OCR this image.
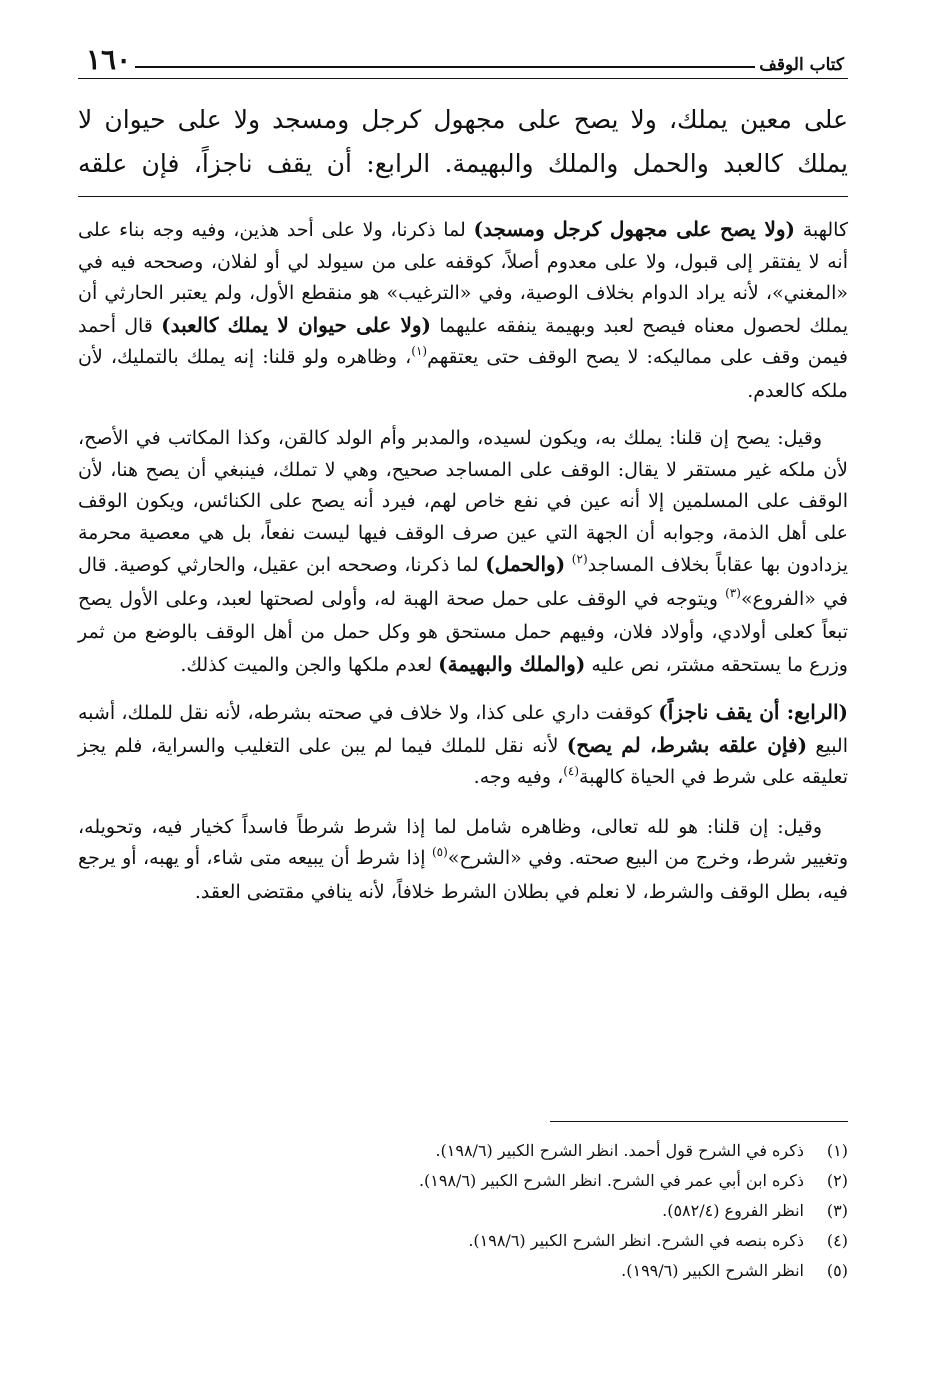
كتاب الوقف
١٦٠
على معين يملك، ولا يصح على مجهول كرجل ومسجد ولا على حيوان لا يملك كالعبد والحمل والملك والبهيمة. الرابع: أن يقف ناجزاً، فإن علقه

كالهبة (ولا يصح على مجهول كرجل ومسجد) لما ذكرنا، ولا على أحد هذين، وفيه وجه بناء على أنه لا يفتقر إلى قبول، ولا على معدوم أصلاً، كوقفه على من سيولد لي أو لفلان، وصححه فيه في «المغني»، لأنه يراد الدوام بخلاف الوصية، وفي «الترغيب» هو منقطع الأول، ولم يعتبر الحارثي أن يملك لحصول معناه فيصح لعبد وبهيمة ينفقه عليهما (ولا على حيوان لا يملك كالعبد) قال أحمد فيمن وقف على مماليكه: لا يصح الوقف حتى يعتقهم$^{(١)}$، وظاهره ولو قلنا: إنه يملك بالتمليك، لأن ملكه كالعدم.

وقيل: يصح إن قلنا: يملك به، ويكون لسيده، والمدبر وأم الولد كالقن، وكذا المكاتب في الأصح، لأن ملكه غير مستقر لا يقال: الوقف على المساجد صحيح، وهي لا تملك، فينبغي أن يصح هنا، لأن الوقف على المسلمين إلا أنه عين في نفع خاص لهم، فيرد أنه يصح على الكنائس، ويكون الوقف على أهل الذمة، وجوابه أن الجهة التي عين صرف الوقف فيها ليست نفعاً، بل هي معصية محرمة يزدادون بها عقاباً بخلاف المساجد$^{(٢)}$ (والحمل) لما ذكرنا، وصححه ابن عقيل، والحارثي كوصية. قال في «الفروع»$^{(٣)}$ ويتوجه في الوقف على حمل صحة الهبة له، وأولى لصحتها لعبد، وعلى الأول يصح تبعاً كعلى أولادي، وأولاد فلان، وفيهم حمل مستحق هو وكل حمل من أهل الوقف بالوضع من ثمر وزرع ما يستحقه مشتر، نص عليه (والملك والبهيمة) لعدم ملكها والجن والميت كذلك.

(الرابع: أن يقف ناجزاً) كوقفت داري على كذا، ولا خلاف في صحته بشرطه، لأنه نقل للملك، أشبه البيع (فإن علقه بشرط، لم يصح) لأنه نقل للملك فيما لم يبن على التغليب والسراية، فلم يجز تعليقه على شرط في الحياة كالهبة$^{(٤)}$، وفيه وجه.

وقيل: إن قلنا: هو لله تعالى، وظاهره شامل لما إذا شرط شرطاً فاسداً كخيار فيه، وتحويله، وتغيير شرط، وخرج من البيع صحته. وفي «الشرح»$^{(٥)}$ إذا شرط أن يبيعه متى شاء، أو يهبه، أو يرجع فيه، بطل الوقف والشرط، لا نعلم في بطلان الشرط خلافاً، لأنه ينافي مقتضى العقد.

(١)ذكره في الشرح قول أحمد. انظر الشرح الكبير (١٩٨/٦).
(٢)ذكره ابن أبي عمر في الشرح. انظر الشرح الكبير (١٩٨/٦).
(٣)انظر الفروع (٥٨٢/٤).
(٤)ذكره بنصه في الشرح. انظر الشرح الكبير (١٩٨/٦).
(٥)انظر الشرح الكبير (١٩٩/٦).
